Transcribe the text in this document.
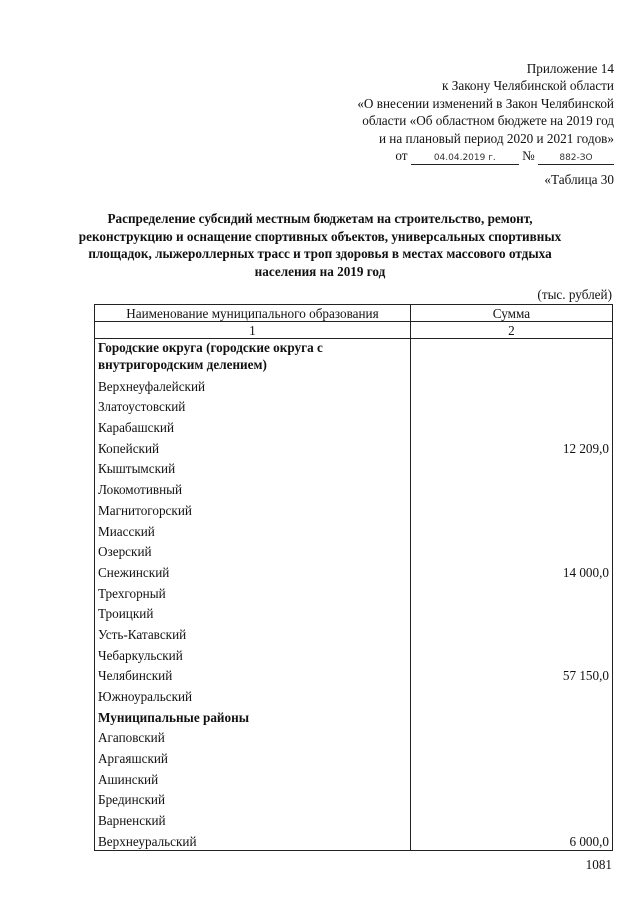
Приложение 14
к Закону Челябинской области
«О внесении изменений в Закон Челябинской
области «Об областном бюджете на 2019 год
и на плановый период 2020 и 2021 годов»
от	04.04.2019 г. №	882-ЗО
«Таблица 30
Распределение субсидий местным бюджетам на строительство, ремонт, реконструкцию и оснащение спортивных объектов, универсальных спортивных площадок, лыжероллерных трасс и троп здоровья в местах массового отдыха населения на 2019 год
(тыс. рублей)
Наименование муниципального образования	Сумма
1	2
Городские округа (городские округа с внутригородским делением)	
Верхнеуфалейский	
Златоустовский	
Карабашский	
Копейский	12 209,0
Кыштымский	
Локомотивный	
Магнитогорский	
Миасский	
Озерский	
Снежинский	14 000,0
Трехгорный	
Троицкий	
Усть-Катавский	
Чебаркульский	
Челябинский	57 150,0
Южноуральский	
Муниципальные районы	
Агаповский	
Аргаяшский	
Ашинский	
Брединский	
Варненский	
Верхнеуральский	6 000,0
1081
